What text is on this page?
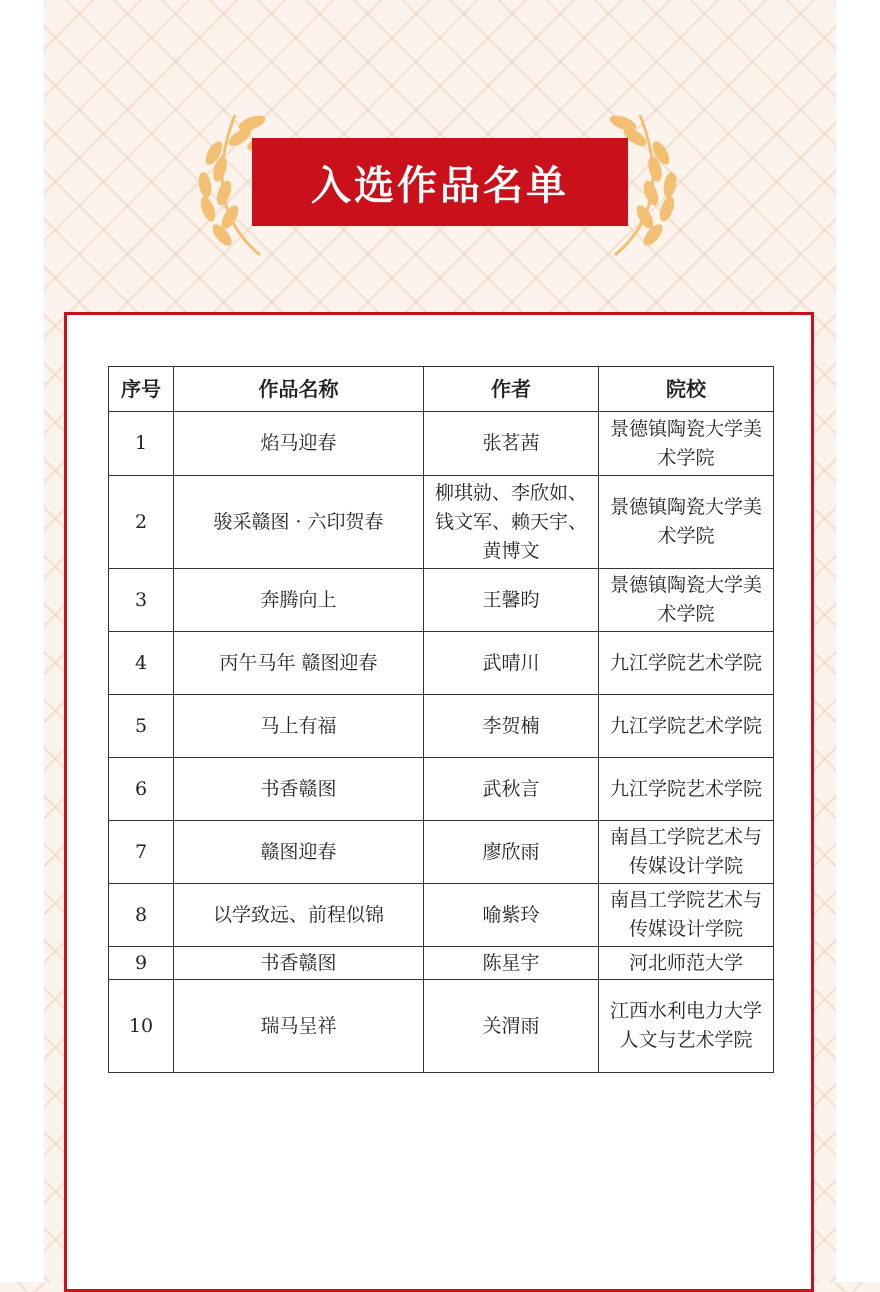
入选作品名单
序号	作品名称	作者	院校
1	焰马迎春	张茗茜	景德镇陶瓷大学美术学院
2	骏采赣图 · 六印贺春	柳琪勍、李欣如、钱文军、赖天宇、黄博文	景德镇陶瓷大学美术学院
3	奔腾向上	王馨昀	景德镇陶瓷大学美术学院
4	丙午马年 赣图迎春	武晴川	九江学院艺术学院
5	马上有福	李贺楠	九江学院艺术学院
6	书香赣图	武秋言	九江学院艺术学院
7	赣图迎春	廖欣雨	南昌工学院艺术与传媒设计学院
8	以学致远、前程似锦	喻紫玲	南昌工学院艺术与传媒设计学院
9	书香赣图	陈星宇	河北师范大学
10	瑞马呈祥	关渭雨	江西水利电力大学人文与艺术学院
